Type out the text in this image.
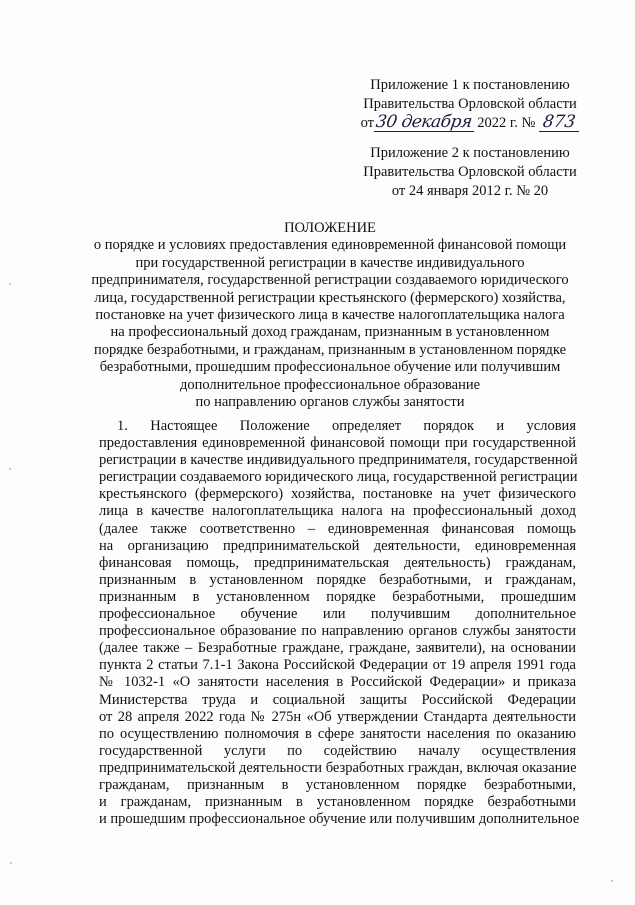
Приложение 1 к постановлению
Правительства Орловской области
от30 декабря 2022 г. № 873
Приложение 2 к постановлению
Правительства Орловской области
от 24 января 2012 г. № 20
ПОЛОЖЕНИЕ
о порядке и условиях предоставления единовременной финансовой помощи
при государственной регистрации в качестве индивидуального
предпринимателя, государственной регистрации создаваемого юридического
лица, государственной регистрации крестьянского (фермерского) хозяйства,
постановке на учет физического лица в качестве налогоплательщика налога
на профессиональный доход гражданам, признанным в установленном
порядке безработными, и гражданам, признанным в установленном порядке
безработными, прошедшим профессиональное обучение или получившим
дополнительное профессиональное образование
по направлению органов службы занятости
1. Настоящее Положение определяет порядок и условия
предоставления единовременной финансовой помощи при государственной
регистрации в качестве индивидуального предпринимателя, государственной
регистрации создаваемого юридического лица, государственной регистрации
крестьянского (фермерского) хозяйства, постановке на учет физического
лица в качестве налогоплательщика налога на профессиональный доход
(далее также соответственно – единовременная финансовая помощь
на организацию предпринимательской деятельности, единовременная
финансовая помощь, предпринимательская деятельность) гражданам,
признанным в установленном порядке безработными, и гражданам,
признанным в установленном порядке безработными, прошедшим
профессиональное обучение или получившим дополнительное
профессиональное образование по направлению органов службы занятости
(далее также – Безработные граждане, граждане, заявители), на основании
пункта 2 статьи 7.1-1 Закона Российской Федерации от 19 апреля 1991 года
№ 1032-1 «О занятости населения в Российской Федерации» и приказа
Министерства труда и социальной защиты Российской Федерации
от 28 апреля 2022 года № 275н «Об утверждении Стандарта деятельности
по осуществлению полномочия в сфере занятости населения по оказанию
государственной услуги по содействию началу осуществления
предпринимательской деятельности безработных граждан, включая оказание
гражданам, признанным в установленном порядке безработными,
и гражданам, признанным в установленном порядке безработными
и прошедшим профессиональное обучение или получившим дополнительное
